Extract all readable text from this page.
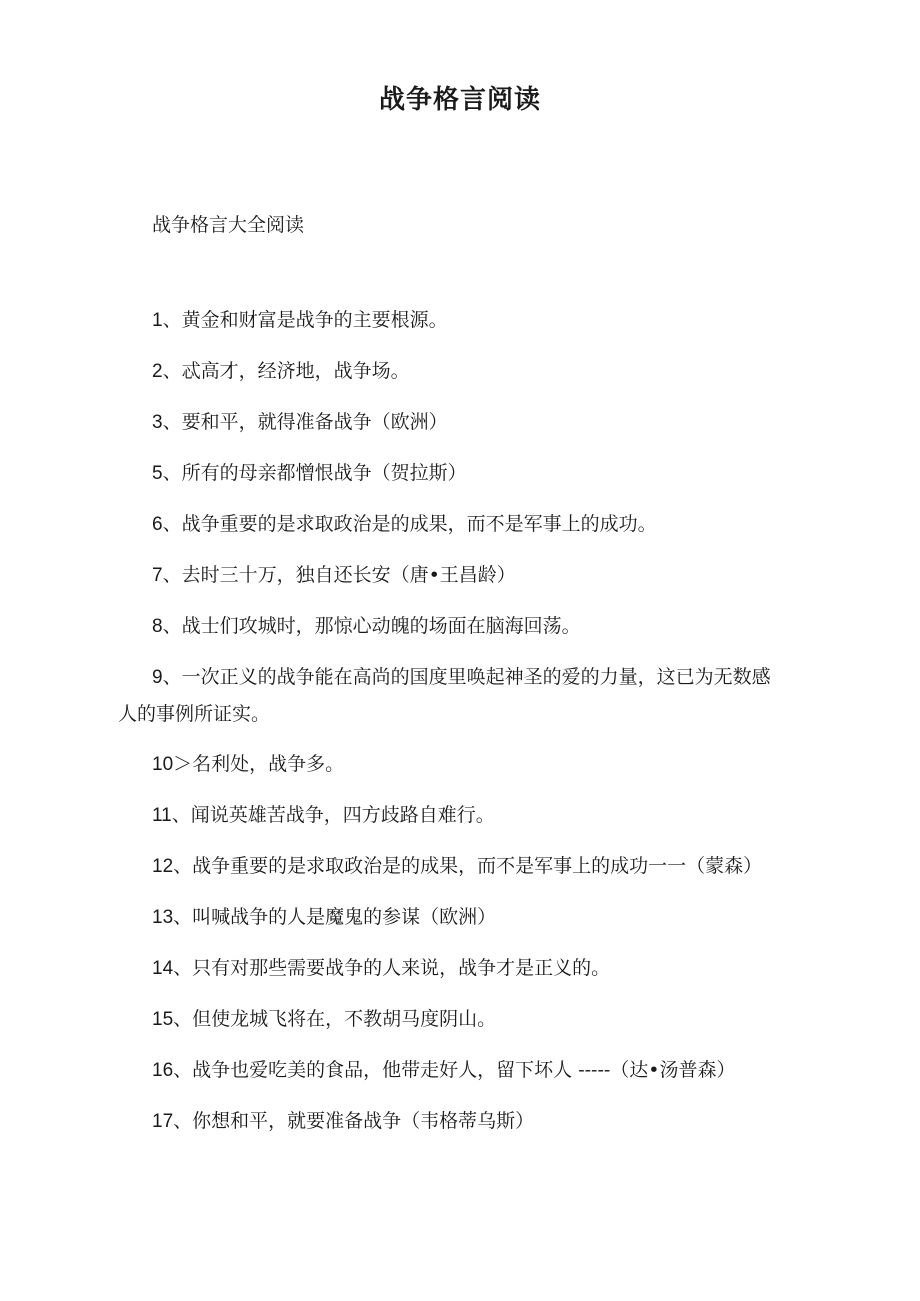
战争格言阅读
战争格言大全阅读
1、黄金和财富是战争的主要根源。
2、忒高才，经济地，战争场。
3、要和平，就得准备战争（欧洲）
5、所有的母亲都憎恨战争（贺拉斯）
6、战争重要的是求取政治是的成果，而不是军事上的成功。
7、去时三十万，独自还长安（唐•王昌龄）
8、战士们攻城时，那惊心动魄的场面在脑海回荡。
9、一次正义的战争能在高尚的国度里唤起神圣的爱的力量，这已为无数感人的事例所证实。
10＞名利处，战争多。
11、闻说英雄苦战争，四方歧路自难行。
12、战争重要的是求取政治是的成果，而不是军事上的成功一一（蒙森）
13、叫喊战争的人是魔鬼的参谋（欧洲）
14、只有对那些需要战争的人来说，战争才是正义的。
15、但使龙城飞将在，不教胡马度阴山。
16、战争也爱吃美的食品，他带走好人，留下坏人 -----（达•汤普森）
17、你想和平，就要准备战争（韦格蒂乌斯）
